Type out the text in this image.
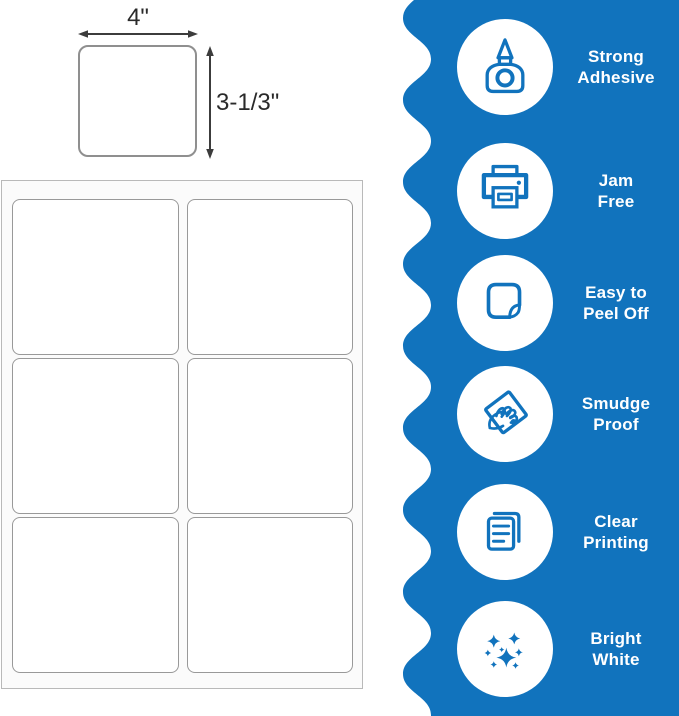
4"
3-1/3"
Strong
Adhesive
Jam
Free
Easy to
Peel Off
Smudge
Proof
Clear
Printing
Bright
White
